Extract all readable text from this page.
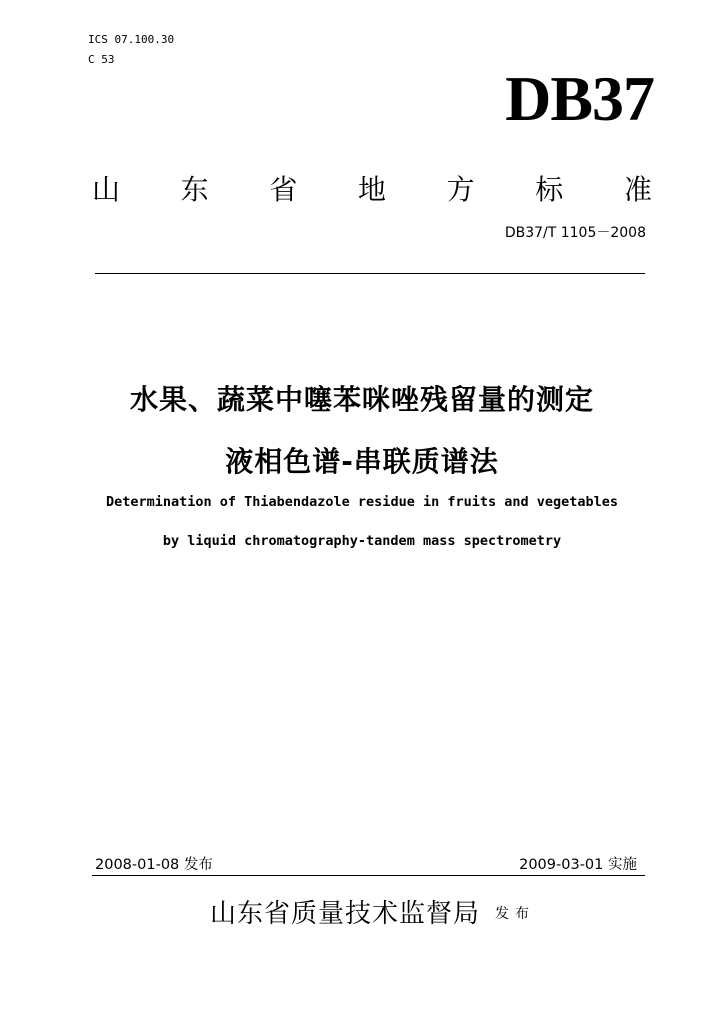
ICS 07.100.30
C 53
DB37
山 东 省 地 方 标 准
DB37/T 1105－2008
水果、蔬菜中噻苯咪唑残留量的测定
液相色谱-串联质谱法
Determination of Thiabendazole residue in fruits and vegetables
by liquid chromatography-tandem mass spectrometry
2008-01-08 发布	2009-03-01 实施
山东省质量技术监督局 发布
